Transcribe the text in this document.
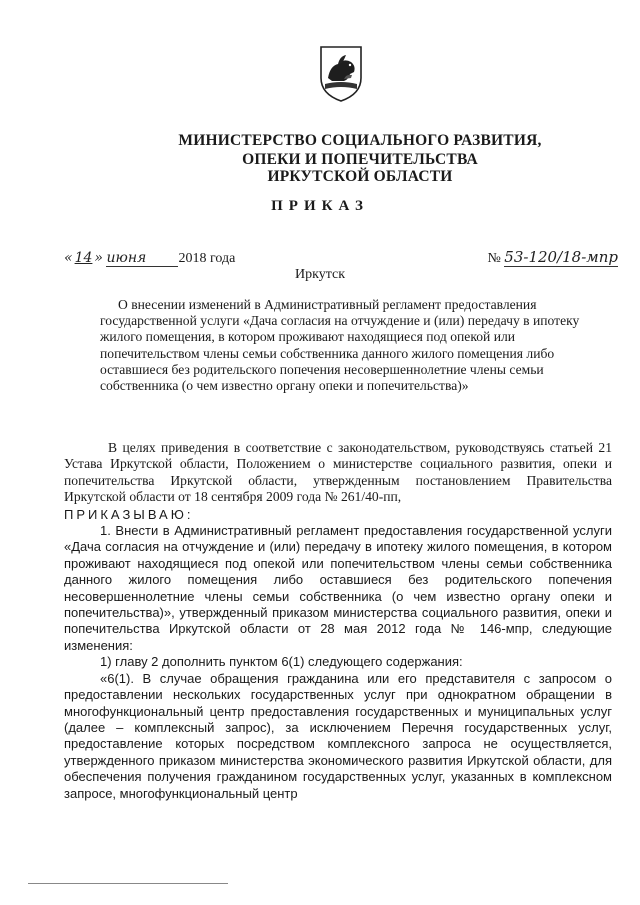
МИНИСТЕРСТВО СОЦИАЛЬНОГО РАЗВИТИЯ,
ОПЕКИ И ПОПЕЧИТЕЛЬСТВА
ИРКУТСКОЙ ОБЛАСТИ
ПРИКАЗ
« 14 » июня 2018 года	№ 53-120/18-мпр
Иркутск

О внесении изменений в Административный регламент предоставления государственной услуги «Дача согласия на отчуждение и (или) передачу в ипотеку жилого помещения, в котором проживают находящиеся под опекой или попечительством члены семьи собственника данного жилого помещения либо оставшиеся без родительского попечения несовершеннолетние члены семьи собственника (о чем известно органу опеки и попечительства)»

В целях приведения в соответствие с законодательством, руководствуясь статьей 21 Устава Иркутской области, Положением о министерстве социального развития, опеки и попечительства Иркутской области, утвержденным постановлением Правительства Иркутской области от 18 сентября 2009 года № 261/40-пп,

ПРИКАЗЫВАЮ:

1. Внести в Административный регламент предоставления государственной услуги «Дача согласия на отчуждение и (или) передачу в ипотеку жилого помещения, в котором проживают находящиеся под опекой или попечительством члены семьи собственника данного жилого помещения либо оставшиеся без родительского попечения несовершеннолетние члены семьи собственника (о чем известно органу опеки и попечительства)», утвержденный приказом министерства социального развития, опеки и попечительства Иркутской области от 28 мая 2012 года № 146-мпр, следующие изменения:

1) главу 2 дополнить пунктом 6(1) следующего содержания:

«6(1). В случае обращения гражданина или его представителя с запросом о предоставлении нескольких государственных услуг при однократном обращении в многофункциональный центр предоставления государственных и муниципальных услуг (далее – комплексный запрос), за исключением Перечня государственных услуг, предоставление которых посредством комплексного запроса не осуществляется, утвержденного приказом министерства экономического развития Иркутской области, для обеспечения получения гражданином государственных услуг, указанных в комплексном запросе, многофункциональный центр
